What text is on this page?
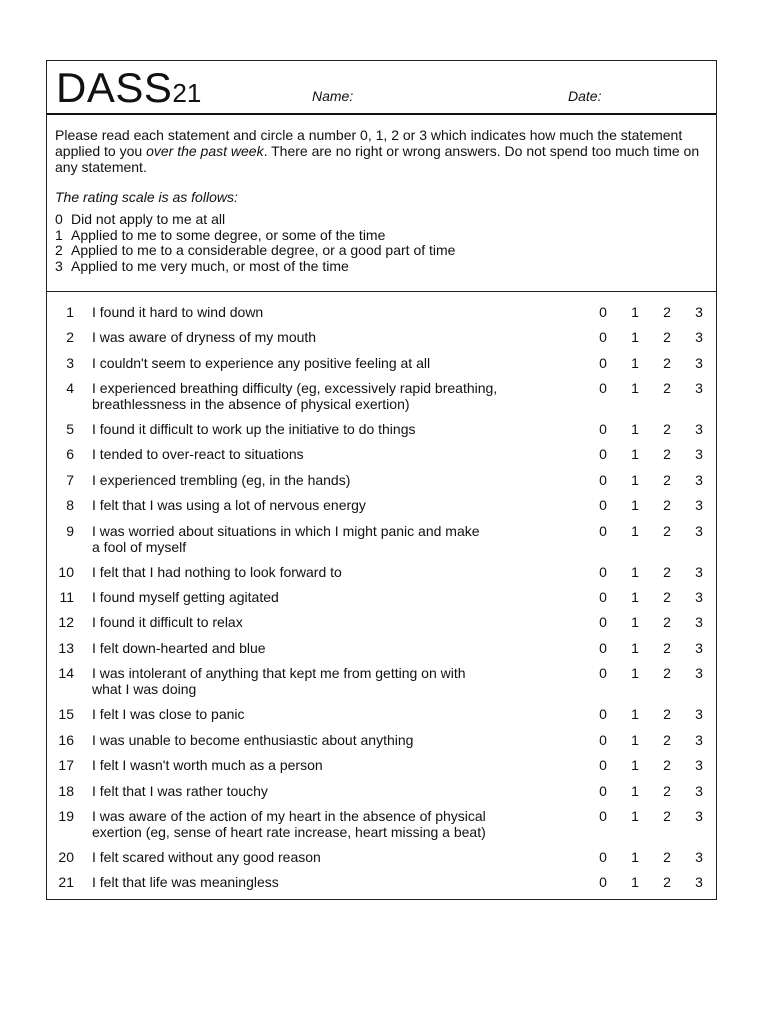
DASS21	Name:	Date:

Please read each statement and circle a number 0, 1, 2 or 3 which indicates how much the statement applied to you over the past week. There are no right or wrong answers. Do not spend too much time on any statement.

The rating scale is as follows:

0 Did not apply to me at all
1 Applied to me to some degree, or some of the time
2 Applied to me to a considerable degree, or a good part of time
3 Applied to me very much, or most of the time
1 I found it hard to wind down	0	1	2	3
2 I was aware of dryness of my mouth	0	1	2	3
3 I couldn't seem to experience any positive feeling at all	0	1	2	3
4 I experienced breathing difficulty (eg, excessively rapid breathing,
breathlessness in the absence of physical exertion)
0	1	2	3
5 I found it difficult to work up the initiative to do things	0	1	2	3
6 I tended to over-react to situations	0	1	2	3
7 I experienced trembling (eg, in the hands)	0	1	2	3
8 I felt that I was using a lot of nervous energy	0	1	2	3
9 I was worried about situations in which I might panic and make
a fool of myself
0	1	2	3
10 I felt that I had nothing to look forward to	0	1	2	3
11 I found myself getting agitated	0	1	2	3
12 I found it difficult to relax	0	1	2	3
13 I felt down-hearted and blue	0	1	2	3
14 I was intolerant of anything that kept me from getting on with
what I was doing
0	1	2	3
15 I felt I was close to panic	0	1	2	3
16 I was unable to become enthusiastic about anything	0	1	2	3
17 I felt I wasn't worth much as a person	0	1	2	3
18 I felt that I was rather touchy	0	1	2	3
19 I was aware of the action of my heart in the absence of physical
exertion (eg, sense of heart rate increase, heart missing a beat)
0	1	2	3
20 I felt scared without any good reason	0	1	2	3
21 I felt that life was meaningless	0	1	2	3
